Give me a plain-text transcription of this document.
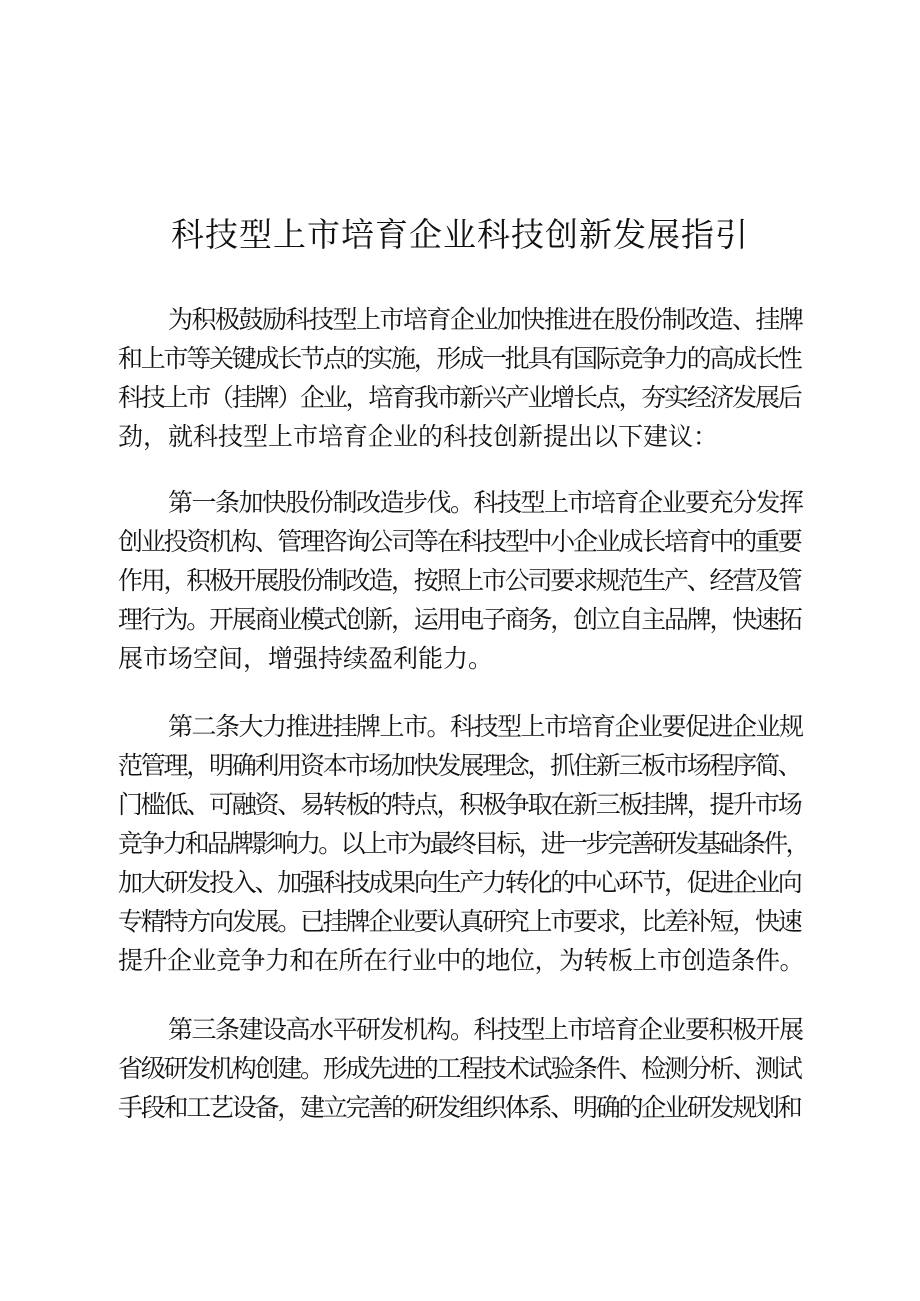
科技型上市培育企业科技创新发展指引
为积极鼓励科技型上市培育企业加快推进在股份制改造、挂牌
和上市等关键成长节点的实施，形成一批具有国际竞争力的高成长性
科技上市（挂牌）企业，培育我市新兴产业增长点，夯实经济发展后
劲，就科技型上市培育企业的科技创新提出以下建议：
第一条加快股份制改造步伐。科技型上市培育企业要充分发挥
创业投资机构、管理咨询公司等在科技型中小企业成长培育中的重要
作用，积极开展股份制改造，按照上市公司要求规范生产、经营及管
理行为。开展商业模式创新，运用电子商务，创立自主品牌，快速拓
展市场空间，增强持续盈利能力。
第二条大力推进挂牌上市。科技型上市培育企业要促进企业规
范管理，明确利用资本市场加快发展理念，抓住新三板市场程序简、
门槛低、可融资、易转板的特点，积极争取在新三板挂牌，提升市场
竞争力和品牌影响力。以上市为最终目标，进一步完善研发基础条件，
加大研发投入、加强科技成果向生产力转化的中心环节，促进企业向
专精特方向发展。已挂牌企业要认真研究上市要求，比差补短，快速
提升企业竞争力和在所在行业中的地位，为转板上市创造条件。
第三条建设高水平研发机构。科技型上市培育企业要积极开展
省级研发机构创建。形成先进的工程技术试验条件、检测分析、测试
手段和工艺设备，建立完善的研发组织体系、明确的企业研发规划和
